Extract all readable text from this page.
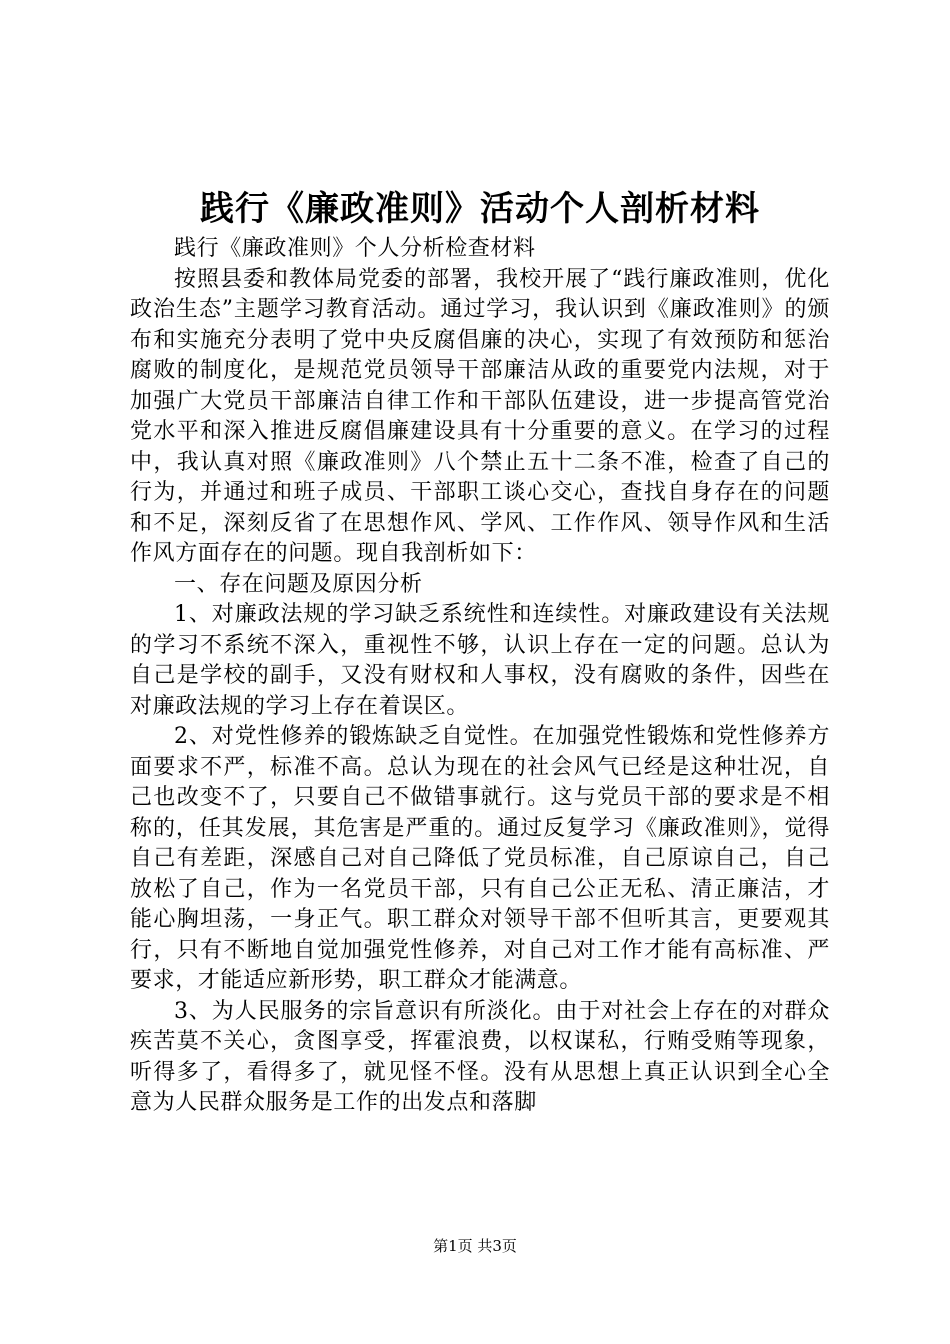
践行《廉政准则》活动个人剖析材料

践行《廉政准则》个人分析检查材料

按照县委和教体局党委的部署，我校开展了“践行廉政准则，优化政治生态”主题学习教育活动。通过学习，我认识到《廉政准则》的颁布和实施充分表明了党中央反腐倡廉的决心，实现了有效预防和惩治腐败的制度化，是规范党员领导干部廉洁从政的重要党内法规，对于加强广大党员干部廉洁自律工作和干部队伍建设，进一步提高管党治党水平和深入推进反腐倡廉建设具有十分重要的意义。在学习的过程中，我认真对照《廉政准则》八个禁止五十二条不准，检查了自己的行为，并通过和班子成员、干部职工谈心交心，查找自身存在的问题和不足，深刻反省了在思想作风、学风、工作作风、领导作风和生活作风方面存在的问题。现自我剖析如下：

一、存在问题及原因分析

1、对廉政法规的学习缺乏系统性和连续性。对廉政建设有关法规的学习不系统不深入，重视性不够，认识上存在一定的问题。总认为自己是学校的副手，又没有财权和人事权，没有腐败的条件，因些在对廉政法规的学习上存在着误区。

2、对党性修养的锻炼缺乏自觉性。在加强党性锻炼和党性修养方面要求不严，标准不高。总认为现在的社会风气已经是这种壮况，自己也改变不了，只要自己不做错事就行。这与党员干部的要求是不相称的，任其发展，其危害是严重的。通过反复学习《廉政准则》，觉得自己有差距，深感自己对自己降低了党员标准，自己原谅自己，自己放松了自己，作为一名党员干部，只有自己公正无私、清正廉洁，才能心胸坦荡，一身正气。职工群众对领导干部不但听其言，更要观其行，只有不断地自觉加强党性修养，对自己对工作才能有高标准、严要求，才能适应新形势，职工群众才能满意。

3、为人民服务的宗旨意识有所淡化。由于对社会上存在的对群众疾苦莫不关心，贪图享受，挥霍浪费，以权谋私，行贿受贿等现象，听得多了，看得多了，就见怪不怪。没有从思想上真正认识到全心全意为人民群众服务是工作的出发点和落脚

第1页 共3页
